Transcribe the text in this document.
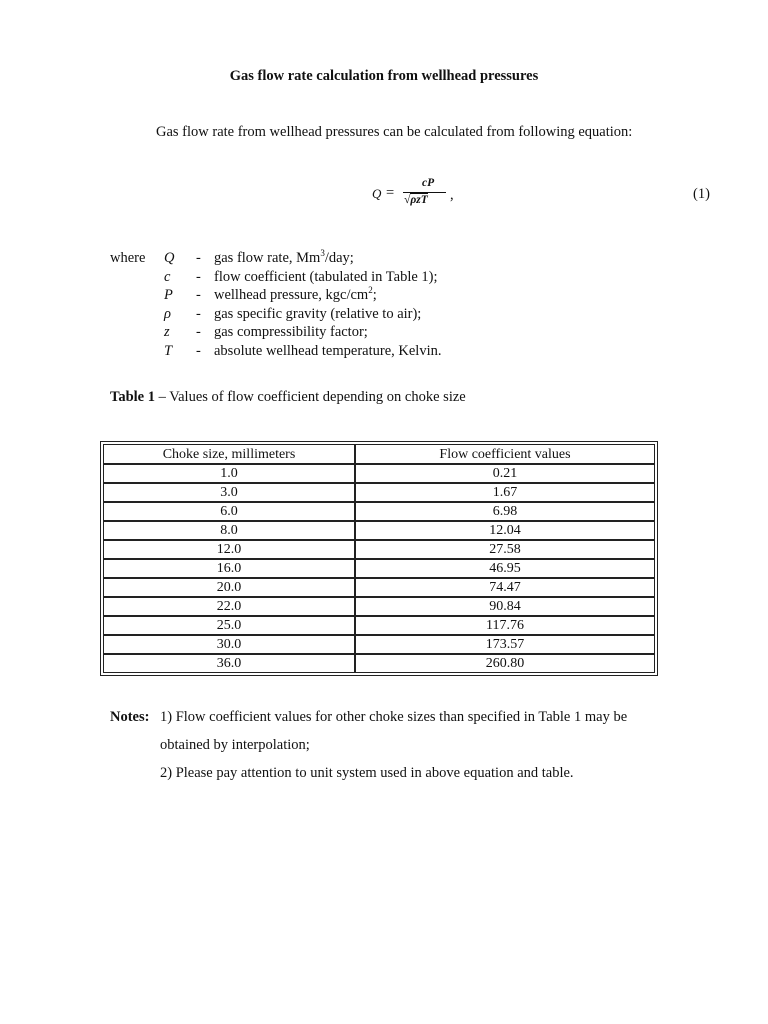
Gas flow rate calculation from wellhead pressures
Gas flow rate from wellhead pressures can be calculated from following equation:
Q =
cP
√ρzT ,	(1)
where	Q - gas flow rate, Mm$^3$/day;
c - flow coefficient (tabulated in Table 1);
P - wellhead pressure, kgc/$cm^2$;
ρ - gas specific gravity (relative to air);
z - gas compressibility factor;
T - absolute wellhead temperature, Kelvin.
Table 1 – Values of flow coefficient depending on choke size
Choke size, millimeters	Flow coefficient values
1.0	0.21
3.0	1.67
6.0	6.98
8.0	12.04
12.0	27.58
16.0	46.95
20.0	74.47
22.0	90.84
25.0	117.76
30.0	173.57
36.0	260.80
Notes: 1) Flow coefficient values for other choke sizes than specified in Table 1 may be
obtained by interpolation;
2) Please pay attention to unit system used in above equation and table.
